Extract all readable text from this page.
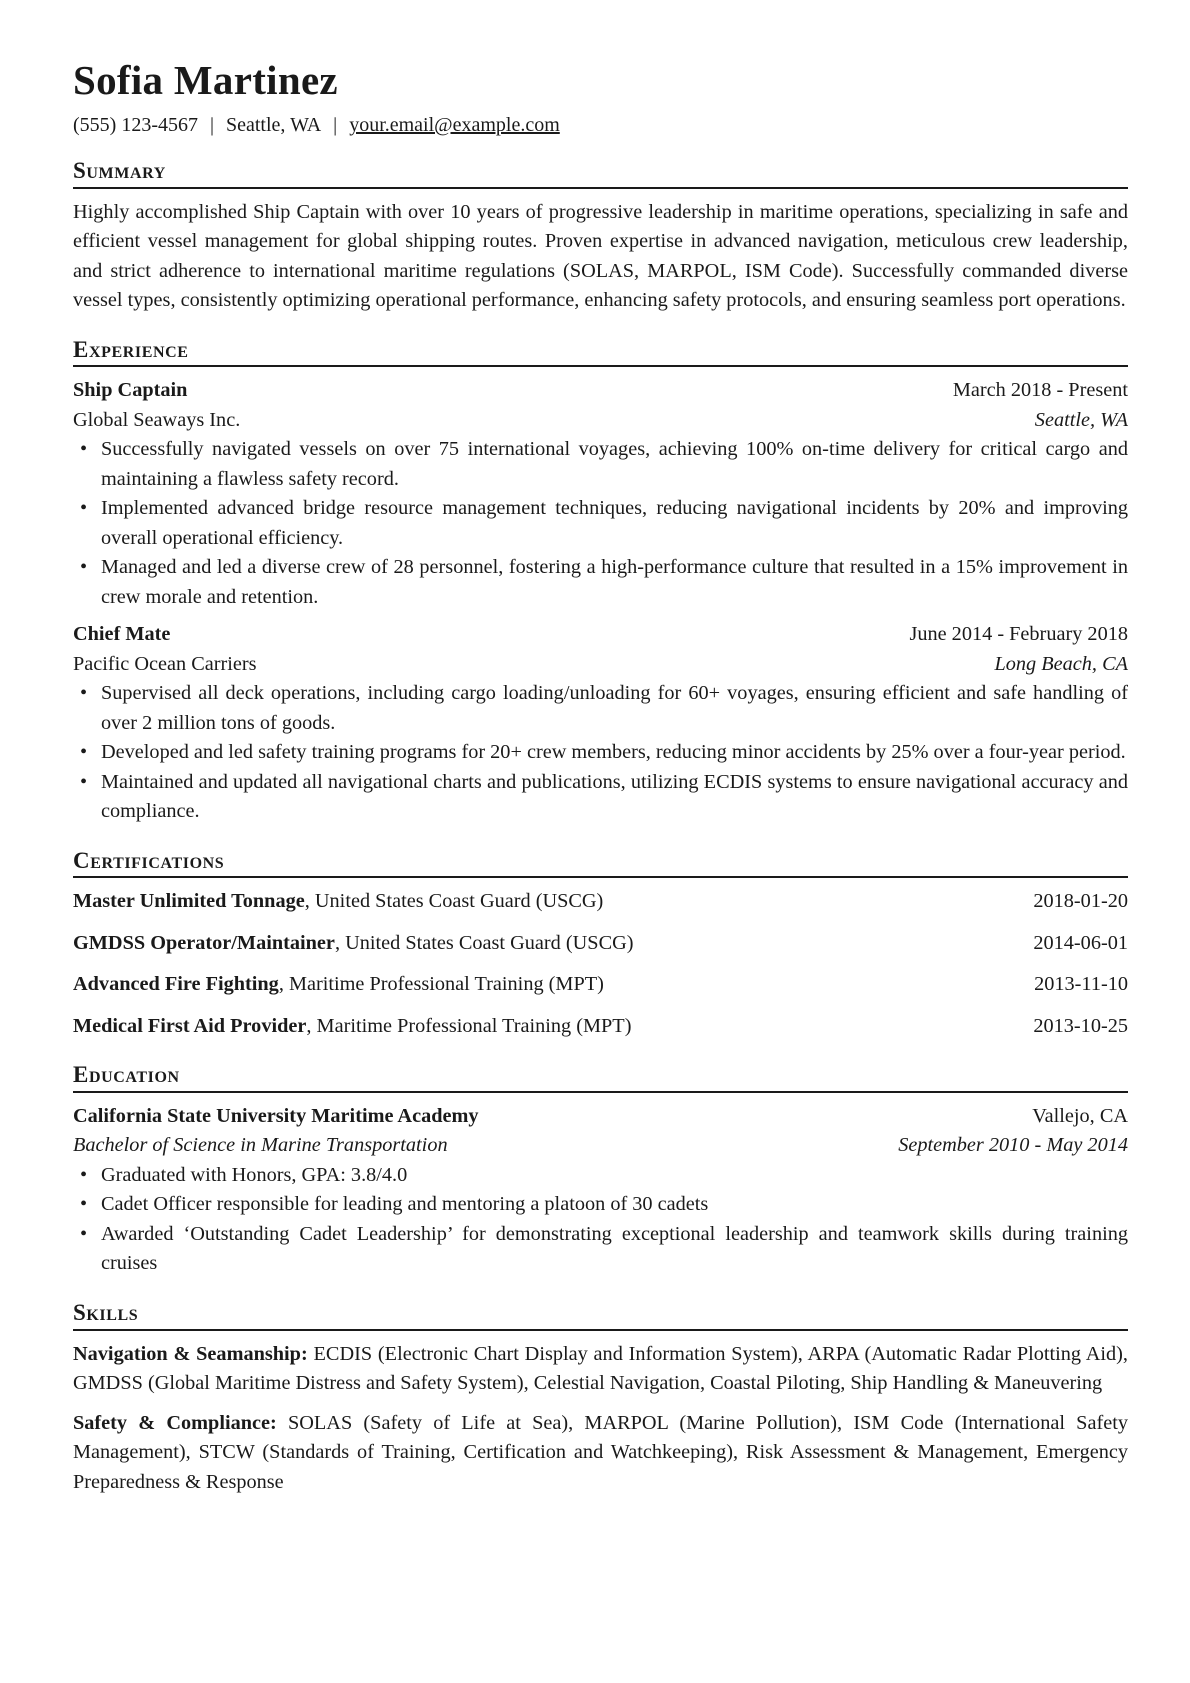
Sofia Martinez
(555) 123-4567 | Seattle, WA | your.email@example.com
Summary
Highly accomplished Ship Captain with over 10 years of progressive leadership in maritime operations, specializing in safe and efficient vessel management for global shipping routes. Proven expertise in advanced navigation, meticulous crew leadership, and strict adherence to international maritime regulations (SOLAS, MARPOL, ISM Code). Successfully commanded diverse vessel types, consistently optimizing operational performance, enhancing safety protocols, and ensuring seamless port operations.
Experience
Ship Captain	March 2018 - Present
Global Seaways Inc.	Seattle, WA
• Successfully navigated vessels on over 75 international voyages, achieving 100% on-time delivery for critical cargo and maintaining a flawless safety record.
• Implemented advanced bridge resource management techniques, reducing navigational incidents by 20% and improving overall operational efficiency.
• Managed and led a diverse crew of 28 personnel, fostering a high-performance culture that resulted in a 15% improvement in crew morale and retention.
Chief Mate	June 2014 - February 2018
Pacific Ocean Carriers	Long Beach, CA
• Supervised all deck operations, including cargo loading/unloading for 60+ voyages, ensuring efficient and safe handling of over 2 million tons of goods.
• Developed and led safety training programs for 20+ crew members, reducing minor accidents by 25% over a four-year period.
• Maintained and updated all navigational charts and publications, utilizing ECDIS systems to ensure navigational accuracy and compliance.
Certifications
Master Unlimited Tonnage, United States Coast Guard (USCG)	2018-01-20
GMDSS Operator/Maintainer, United States Coast Guard (USCG)	2014-06-01
Advanced Fire Fighting, Maritime Professional Training (MPT)	2013-11-10
Medical First Aid Provider, Maritime Professional Training (MPT)	2013-10-25
Education
California State University Maritime Academy	Vallejo, CA
Bachelor of Science in Marine Transportation	September 2010 - May 2014
• Graduated with Honors, GPA: 3.8/4.0
• Cadet Officer responsible for leading and mentoring a platoon of 30 cadets
• Awarded ‘Outstanding Cadet Leadership’ for demonstrating exceptional leadership and teamwork skills during training cruises
Skills
Navigation & Seamanship: ECDIS (Electronic Chart Display and Information System), ARPA (Automatic Radar Plotting Aid), GMDSS (Global Maritime Distress and Safety System), Celestial Navigation, Coastal Piloting, Ship Handling & Maneuvering
Safety & Compliance: SOLAS (Safety of Life at Sea), MARPOL (Marine Pollution), ISM Code (International Safety Management), STCW (Standards of Training, Certification and Watchkeeping), Risk Assessment & Management, Emergency Preparedness & Response
